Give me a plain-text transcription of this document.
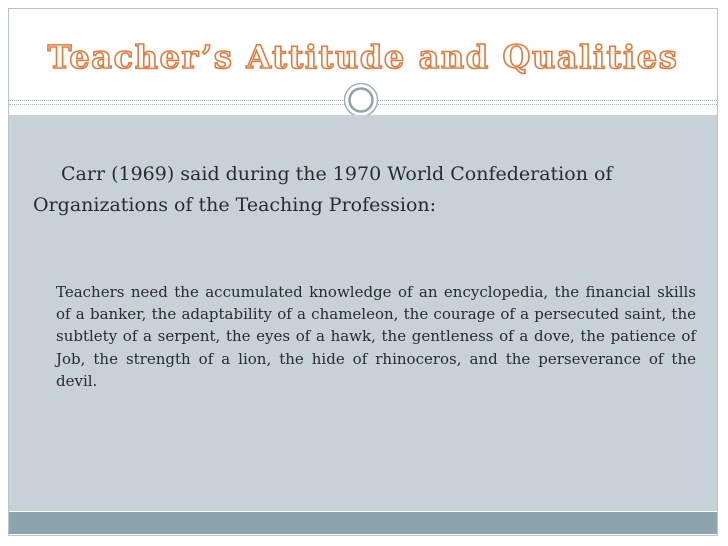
Teacher’s Attitude and Qualities

Carr (1969) said during the 1970 World Confederation of Organizations of the Teaching Profession:

Teachers need the accumulated knowledge of an encyclopedia, the financial skills of a banker, the adaptability of a chameleon, the courage of a persecuted saint, the subtlety of a serpent, the eyes of a hawk, the gentleness of a dove, the patience of Job, the strength of a lion, the hide of rhinoceros, and the perseverance of the devil.
